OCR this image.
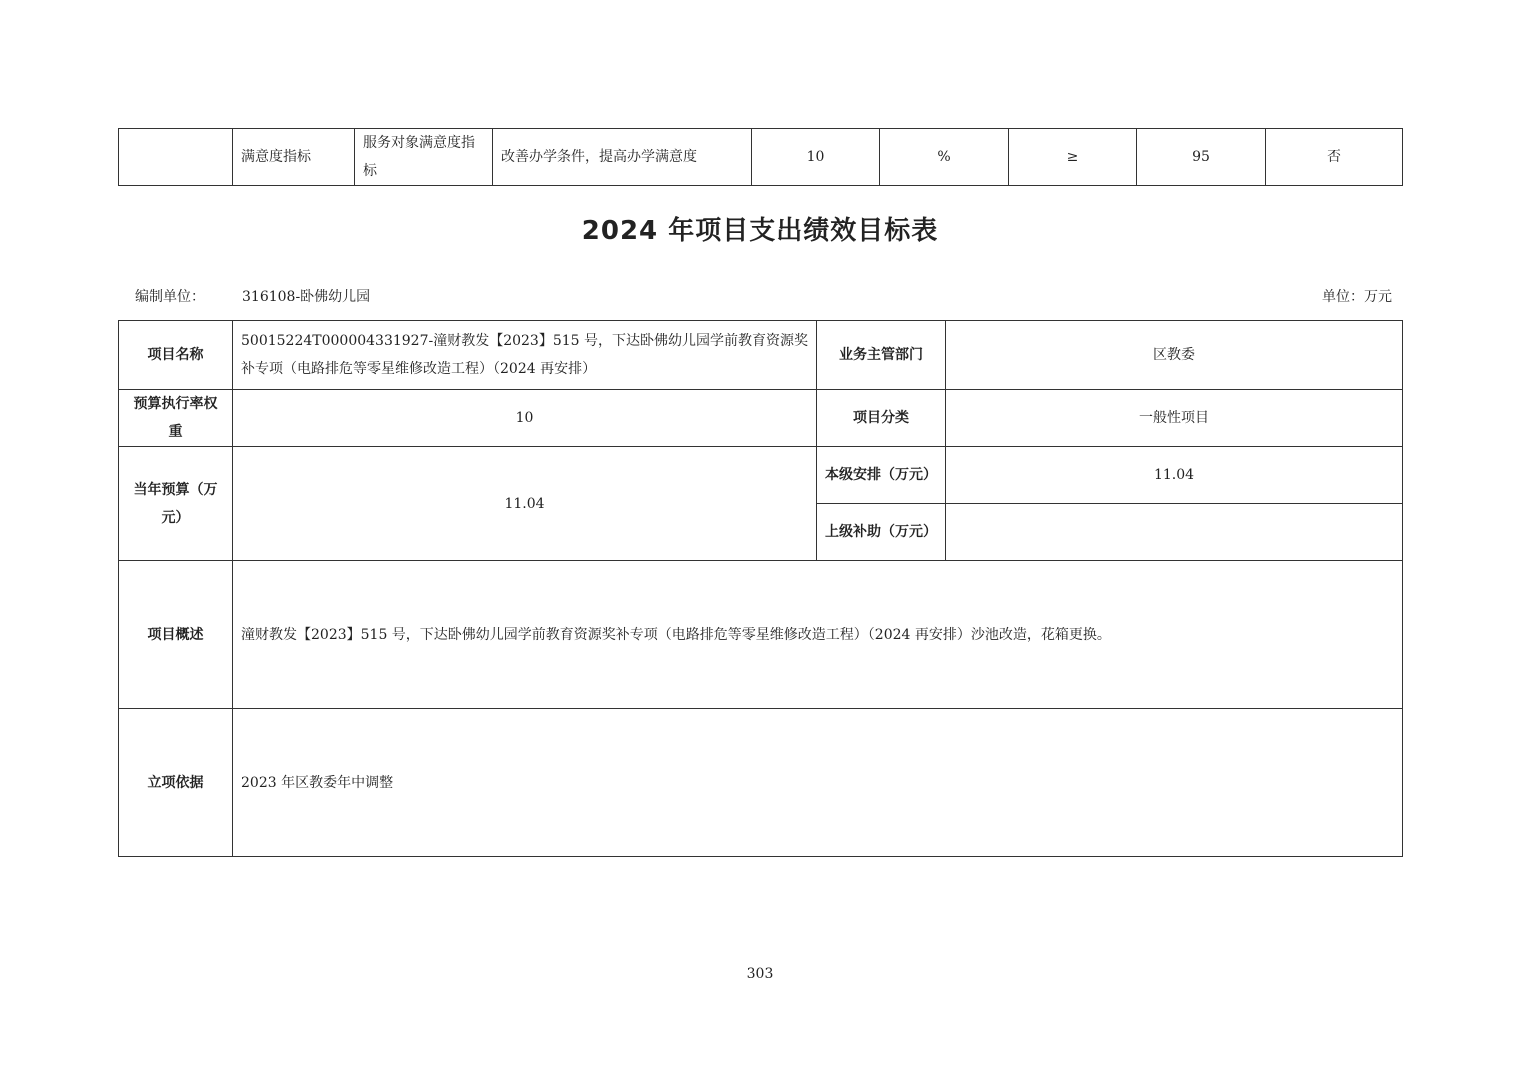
	满意度指标	服务对象满意度指标	改善办学条件，提高办学满意度	10	%	≥	95	否
2024 年项目支出绩效目标表
编制单位：	316108-卧佛幼儿园	单位：万元
项目名称	50015224T000004331927-潼财教发【2023】515 号，下达卧佛幼儿园学前教育资源奖补专项（电路排危等零星维修改造工程）（2024 再安排）	业务主管部门	区教委
预算执行率权重	10	项目分类	一般性项目
当年预算（万元）	11.04	本级安排（万元）	11.04
		上级补助（万元）	
项目概述	潼财教发【2023】515 号，下达卧佛幼儿园学前教育资源奖补专项（电路排危等零星维修改造工程）（2024 再安排）沙池改造，花箱更换。		
立项依据	2023 年区教委年中调整		
303
